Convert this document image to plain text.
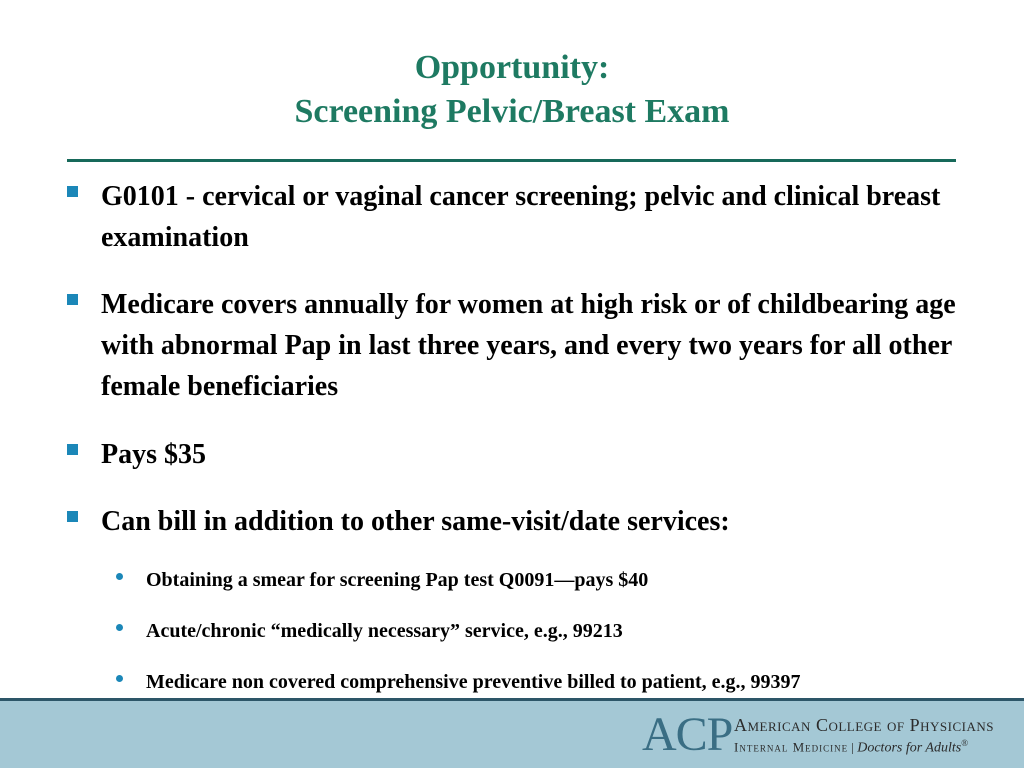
Opportunity:
Screening Pelvic/Breast Exam
G0101 - cervical or vaginal cancer screening; pelvic and clinical breast examination
Medicare covers annually for women at high risk or of childbearing age with abnormal Pap in last three years, and every two years for all other female beneficiaries
Pays $35
Can bill in addition to other same-visit/date services:
Obtaining a smear for screening Pap test Q0091—pays $40
Acute/chronic “medically necessary” service, e.g., 99213
Medicare non covered comprehensive preventive billed to patient, e.g., 99397
ACP American College of Physicians
Internal Medicine | Doctors for Adults®
